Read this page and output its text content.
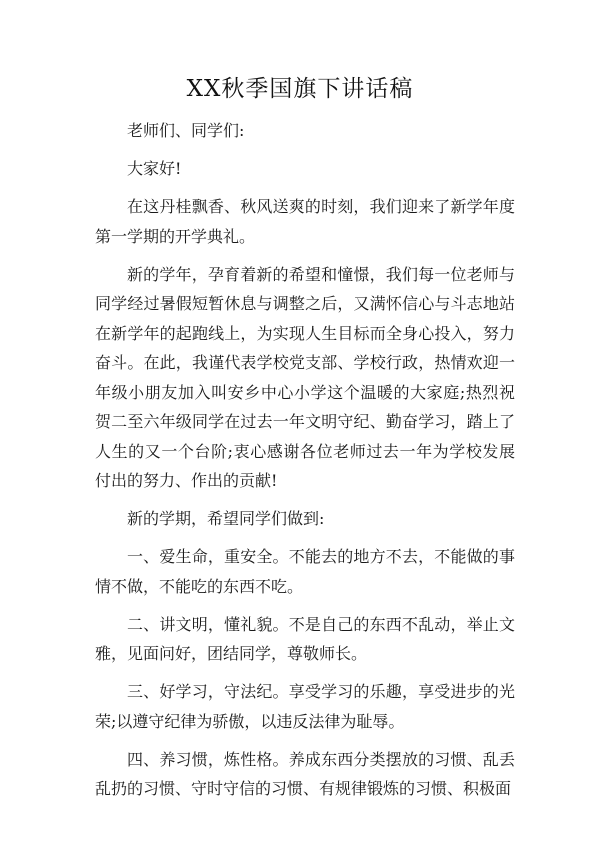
XX秋季国旗下讲话稿

老师们、同学们:

大家好!

在这丹桂飘香、秋风送爽的时刻，我们迎来了新学年度第一学期的开学典礼。

新的学年，孕育着新的希望和憧憬，我们每一位老师与同学经过暑假短暂休息与调整之后，又满怀信心与斗志地站在新学年的起跑线上，为实现人生目标而全身心投入，努力奋斗。在此，我谨代表学校党支部、学校行政，热情欢迎一年级小朋友加入叫安乡中心小学这个温暖的大家庭;热烈祝贺二至六年级同学在过去一年文明守纪、勤奋学习，踏上了人生的又一个台阶;衷心感谢各位老师过去一年为学校发展付出的努力、作出的贡献!

新的学期，希望同学们做到:

一、爱生命，重安全。不能去的地方不去，不能做的事情不做，不能吃的东西不吃。

二、讲文明，懂礼貌。不是自己的东西不乱动，举止文雅，见面问好，团结同学，尊敬师长。

三、好学习，守法纪。享受学习的乐趣，享受进步的光荣;以遵守纪律为骄傲，以违反法律为耻辱。

四、养习惯，炼性格。养成东西分类摆放的习惯、乱丢乱扔的习惯、守时守信的习惯、有规律锻炼的习惯、积极面
